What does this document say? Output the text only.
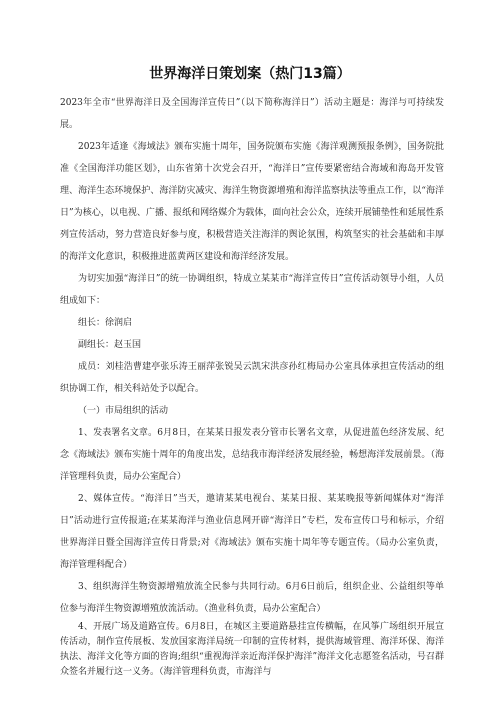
世界海洋日策划案（热门13篇）

2023年全市“世界海洋日及全国海洋宣传日”（以下简称海洋日”）活动主题是：海洋与可持续发展。

2023年适逢《海域法》颁布实施十周年，国务院颁布实施《海洋观测预报条例》，国务院批准《全国海洋功能区划》，山东省第十次党会召开，“海洋日”宣传要紧密结合海域和海岛开发管理、海洋生态环境保护、海洋防灾减灾、海洋生物资源增殖和海洋监察执法等重点工作，以“海洋日”为核心，以电视、广播、报纸和网络媒介为载体，面向社会公众，连续开展铺垫性和延展性系列宣传活动，努力营造良好参与度，积极营造关注海洋的舆论氛围，构筑坚实的社会基础和丰厚的海洋文化意识，积极推进蓝黄两区建设和海洋经济发展。

为切实加强“海洋日”的统一协调组织，特成立某某市“海洋宣传日”宣传活动领导小组，人员组成如下：

组长：徐润启

副组长：赵玉国

成员：刘桂浩曹建亭张乐涛王丽萍张锐吴云凯宋洪彦孙红梅局办公室具体承担宣传活动的组织协调工作，相关科站处予以配合。

（一）市局组织的活动

1、发表署名文章。6月8日，在某某日报发表分管市长署名文章，从促进蓝色经济发展、纪念《海域法》颁布实施十周年的角度出发，总结我市海洋经济发展经验，畅想海洋发展前景。（海洋管理科负责，局办公室配合）

2、媒体宣传。“海洋日”当天，邀请某某电视台、某某日报、某某晚报等新闻媒体对“海洋日”活动进行宣传报道;在某某海洋与渔业信息网开辟“海洋日”专栏，发布宣传口号和标示，介绍世界海洋日暨全国海洋宣传日背景;对《海域法》颁布实施十周年等专题宣传。（局办公室负责，海洋管理科配合）

3、组织海洋生物资源增殖放流全民参与共同行动。6月6日前后，组织企业、公益组织等单位参与海洋生物资源增殖放流活动。（渔业科负责，局办公室配合）

4、开展广场及道路宣传。6月8日，在城区主要道路悬挂宣传横幅，在风筝广场组织开展宣传活动，制作宣传展板、发放国家海洋局统一印制的宣传材料，提供海域管理、海洋环保、海洋执法、海洋文化等方面的咨询;组织“重视海洋亲近海洋保护海洋”海洋文化志愿签名活动，号召群众签名并履行这一义务。（海洋管理科负责，市海洋与
